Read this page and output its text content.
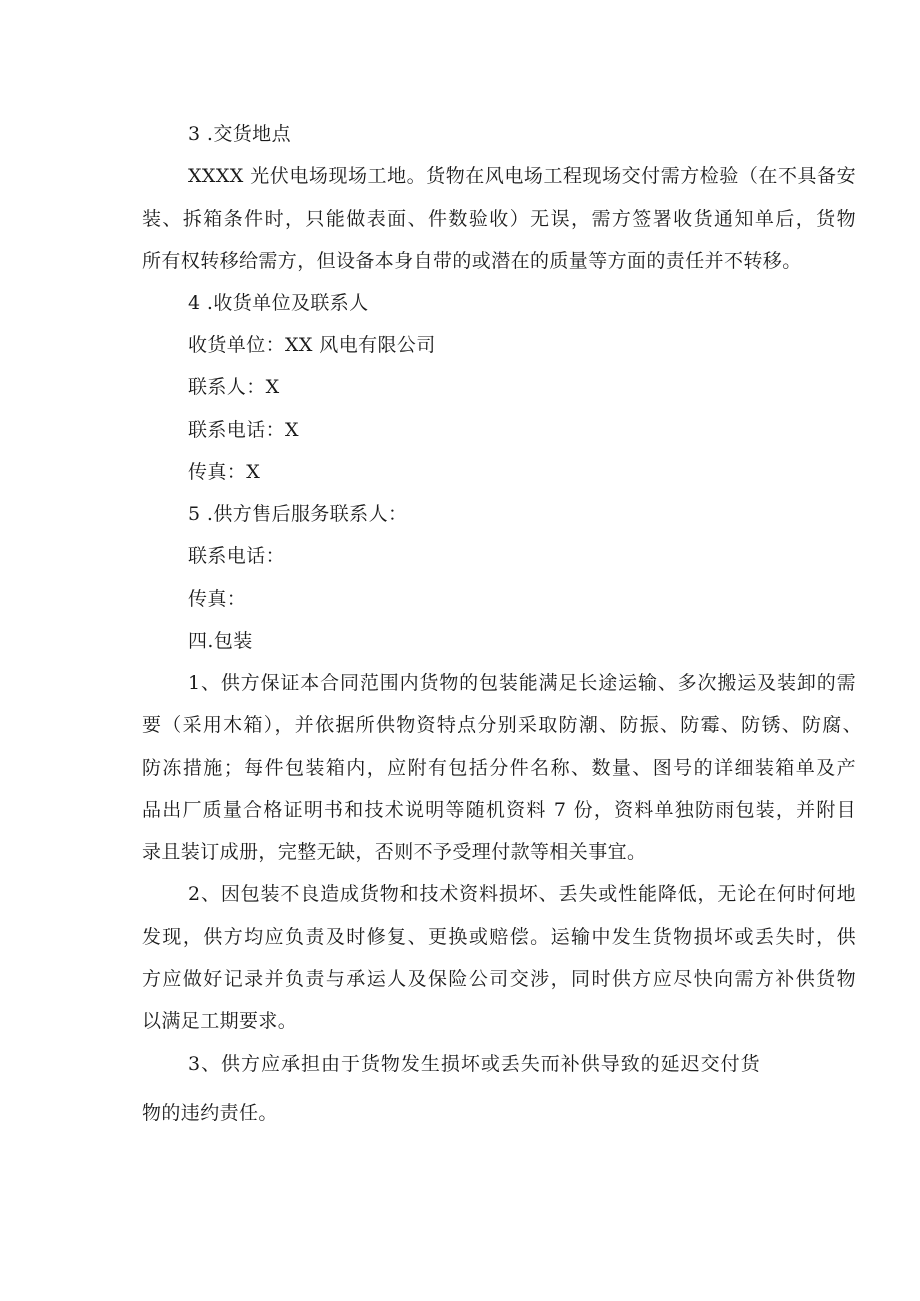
3 .交货地点
XXXX 光伏电场现场工地。货物在风电场工程现场交付需方检验（在不具备安
装、拆箱条件时，只能做表面、件数验收）无误，需方签署收货通知单后，货物
所有权转移给需方，但设备本身自带的或潜在的质量等方面的责任并不转移。
4 .收货单位及联系人
收货单位：XX 风电有限公司
联系人：X
联系电话：X
传真：X
5 .供方售后服务联系人：
联系电话：
传真：
四.包装
1、供方保证本合同范围内货物的包装能满足长途运输、多次搬运及装卸的需
要（采用木箱），并依据所供物资特点分别采取防潮、防振、防霉、防锈、防腐、
防冻措施；每件包装箱内，应附有包括分件名称、数量、图号的详细装箱单及产
品出厂质量合格证明书和技术说明等随机资料 7 份，资料单独防雨包装，并附目
录且装订成册，完整无缺，否则不予受理付款等相关事宜。
2、因包装不良造成货物和技术资料损坏、丢失或性能降低，无论在何时何地
发现，供方均应负责及时修复、更换或赔偿。运输中发生货物损坏或丢失时，供
方应做好记录并负责与承运人及保险公司交涉，同时供方应尽快向需方补供货物
以满足工期要求。
3、供方应承担由于货物发生损坏或丢失而补供导致的延迟交付货
物的违约责任。
